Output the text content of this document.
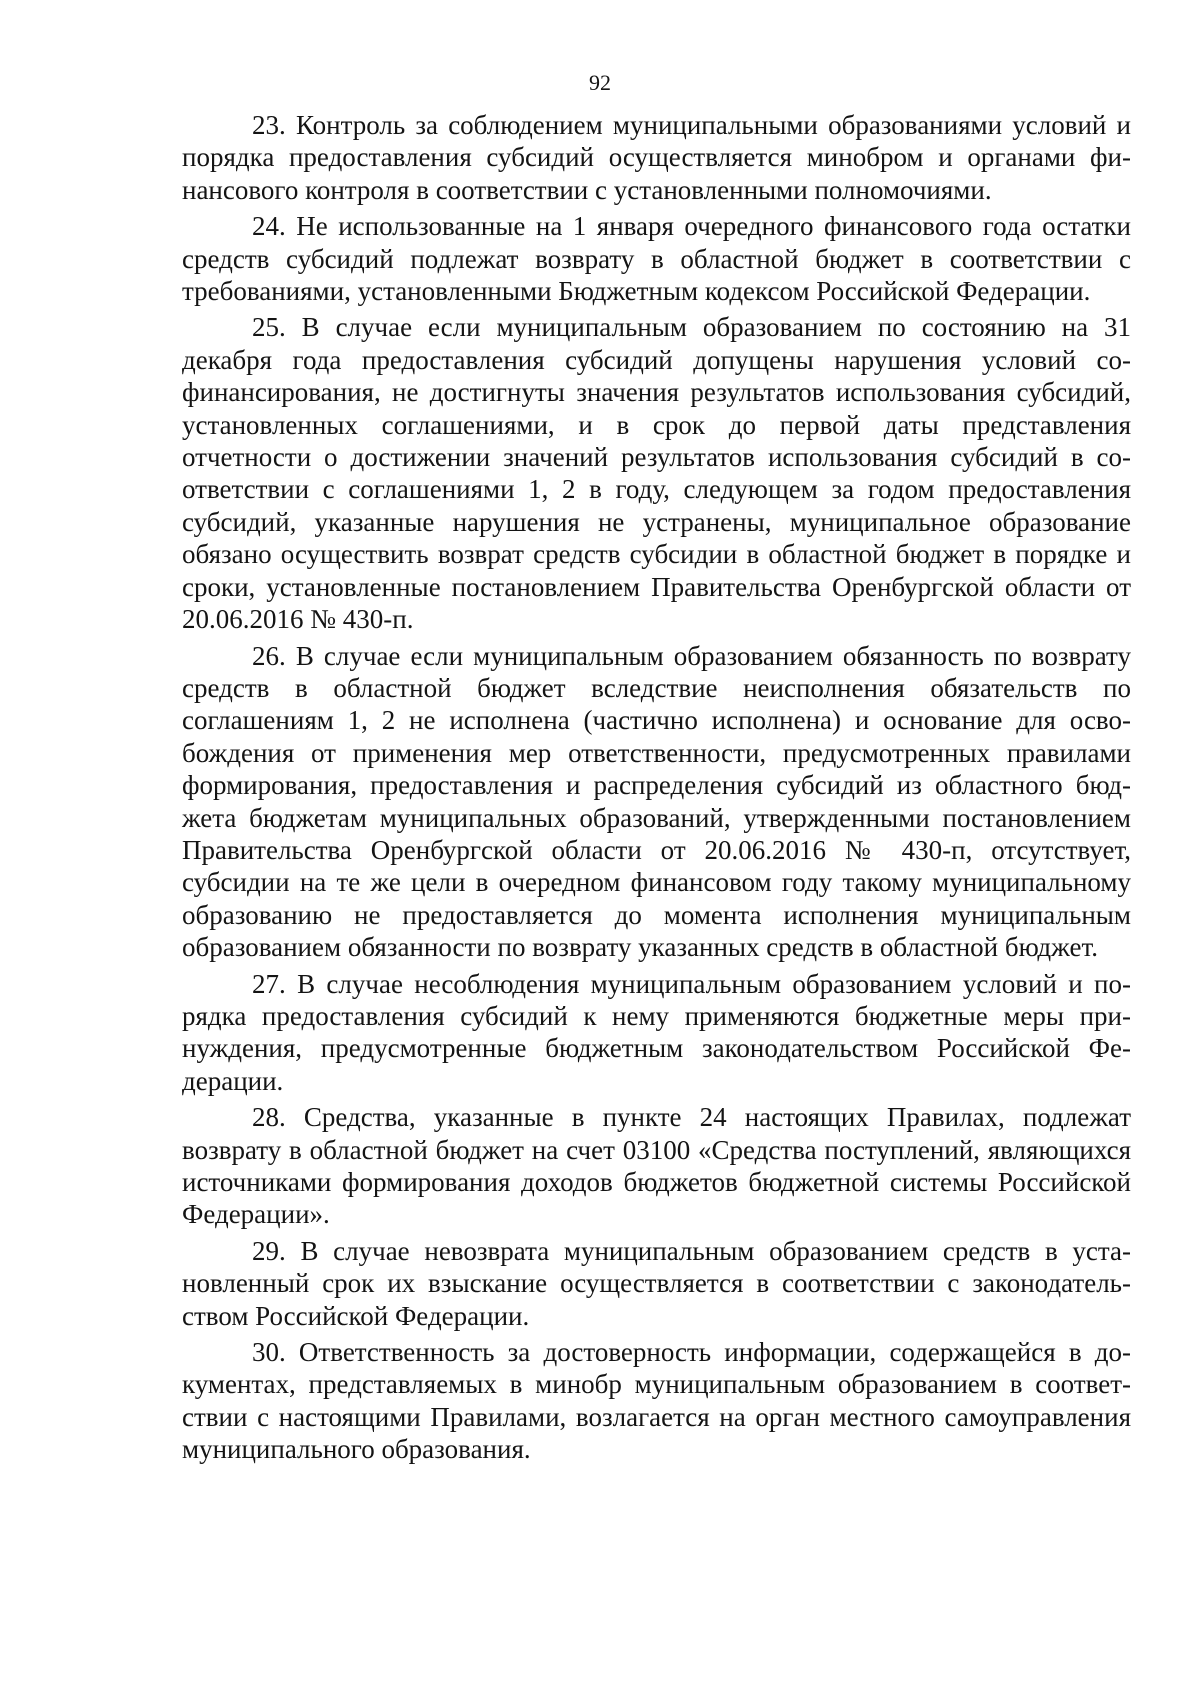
92

23. Контроль за соблюдением муниципальными образованиями условий и порядка предоставления субсидий осуществляется минобром и органами финансового контроля в соответствии с установленными полномочиями.

24. Не использованные на 1 января очередного финансового года остатки средств субсидий подлежат возврату в областной бюджет в соответствии с требованиями, установленными Бюджетным кодексом Российской Федерации.

25. В случае если муниципальным образованием по состоянию на 31 декабря года предоставления субсидий допущены нарушения условий софинансирования, не достигнуты значения результатов использования субсидий, установленных соглашениями, и в срок до первой даты представления отчетности о достижении значений результатов использования субсидий в соответствии с соглашениями 1, 2 в году, следующем за годом предоставления субсидий, указанные нарушения не устранены, муниципальное образование обязано осуществить возврат средств субсидии в областной бюджет в порядке и сроки, установленные постановлением Правительства Оренбургской области от 20.06.2016 № 430-п.

26. В случае если муниципальным образованием обязанность по возврату средств в областной бюджет вследствие неисполнения обязательств по соглашениям 1, 2 не исполнена (частично исполнена) и основание для освобождения от применения мер ответственности, предусмотренных правилами формирования, предоставления и распределения субсидий из областного бюджета бюджетам муниципальных образований, утвержденными постановлением Правительства Оренбургской области от 20.06.2016 № 430-п, отсутствует, субсидии на те же цели в очередном финансовом году такому муниципальному образованию не предоставляется до момента исполнения муниципальным образованием обязанности по возврату указанных средств в областной бюджет.

27. В случае несоблюдения муниципальным образованием условий и порядка предоставления субсидий к нему применяются бюджетные меры принуждения, предусмотренные бюджетным законодательством Российской Федерации.

28. Средства, указанные в пункте 24 настоящих Правилах, подлежат возврату в областной бюджет на счет 03100 «Средства поступлений, являющихся источниками формирования доходов бюджетов бюджетной системы Российской Федерации».

29. В случае невозврата муниципальным образованием средств в установленный срок их взыскание осуществляется в соответствии с законодательством Российской Федерации.

30. Ответственность за достоверность информации, содержащейся в документах, представляемых в минобр муниципальным образованием в соответствии с настоящими Правилами, возлагается на орган местного самоуправления муниципального образования.
